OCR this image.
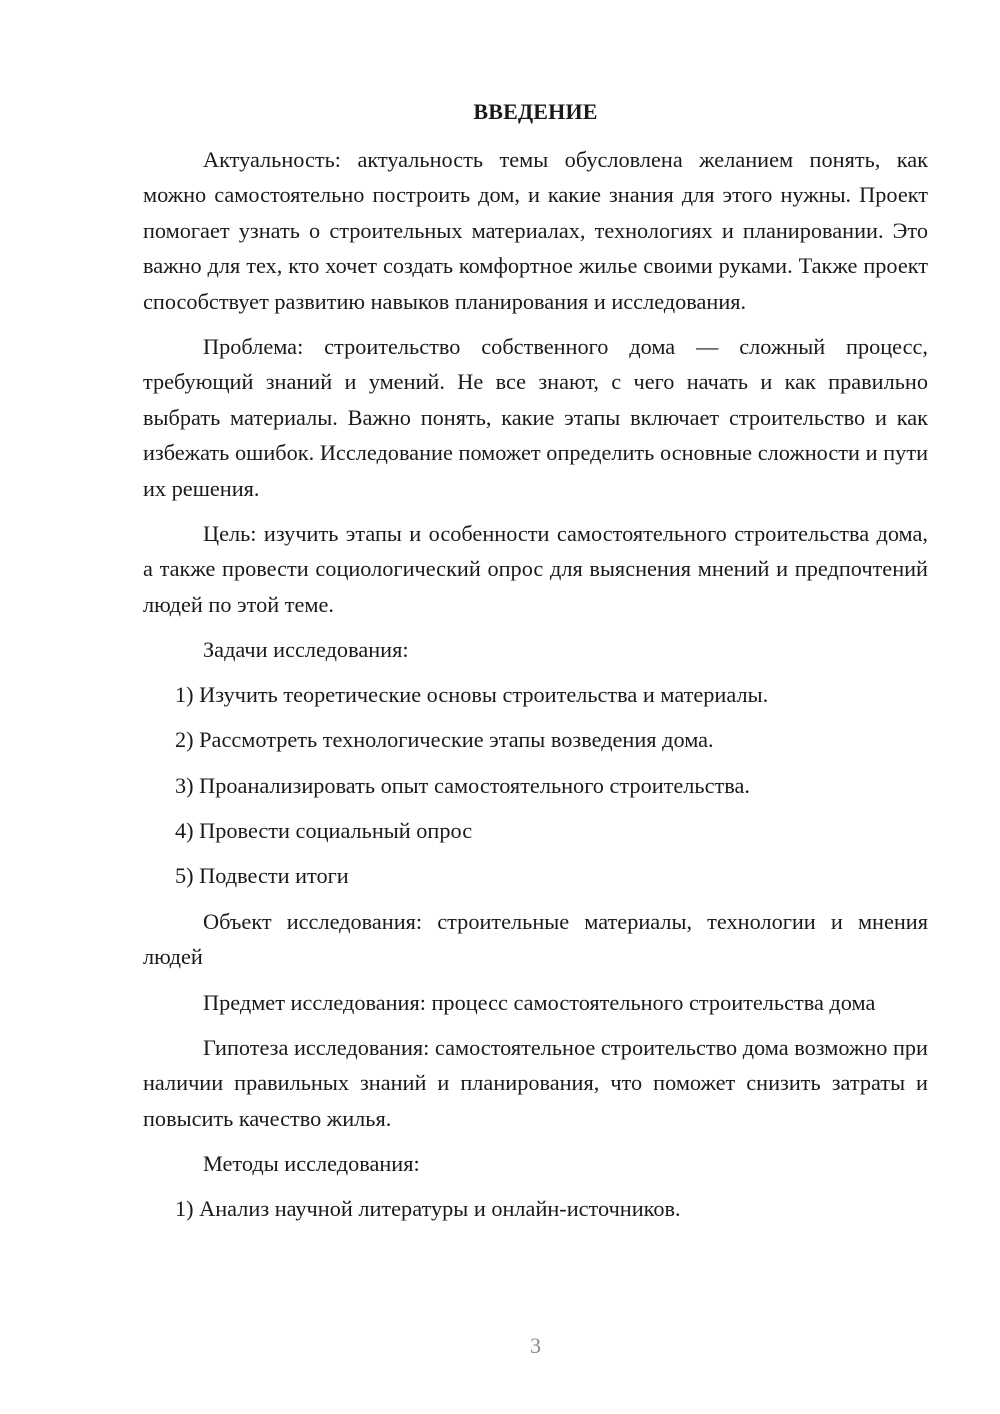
ВВЕДЕНИЕ

Актуальность: актуальность темы обусловлена желанием понять, как можно самостоятельно построить дом, и какие знания для этого нужны. Проект помогает узнать о строительных материалах, технологиях и планировании. Это важно для тех, кто хочет создать комфортное жилье своими руками. Также проект способствует развитию навыков планирования и исследования.

Проблема: строительство собственного дома — сложный процесс, требующий знаний и умений. Не все знают, с чего начать и как правильно выбрать материалы. Важно понять, какие этапы включает строительство и как избежать ошибок. Исследование поможет определить основные сложности и пути их решения.

Цель: изучить этапы и особенности самостоятельного строительства дома, а также провести социологический опрос для выяснения мнений и предпочтений людей по этой теме.

Задачи исследования:

1) Изучить теоретические основы строительства и материалы.
2) Рассмотреть технологические этапы возведения дома.
3) Проанализировать опыт самостоятельного строительства.
4) Провести социальный опрос
5) Подвести итоги

Объект исследования: строительные материалы, технологии и мнения людей

Предмет исследования: процесс самостоятельного строительства дома

Гипотеза исследования: самостоятельное строительство дома возможно при наличии правильных знаний и планирования, что поможет снизить затраты и повысить качество жилья.

Методы исследования:

1) Анализ научной литературы и онлайн-источников.
3
